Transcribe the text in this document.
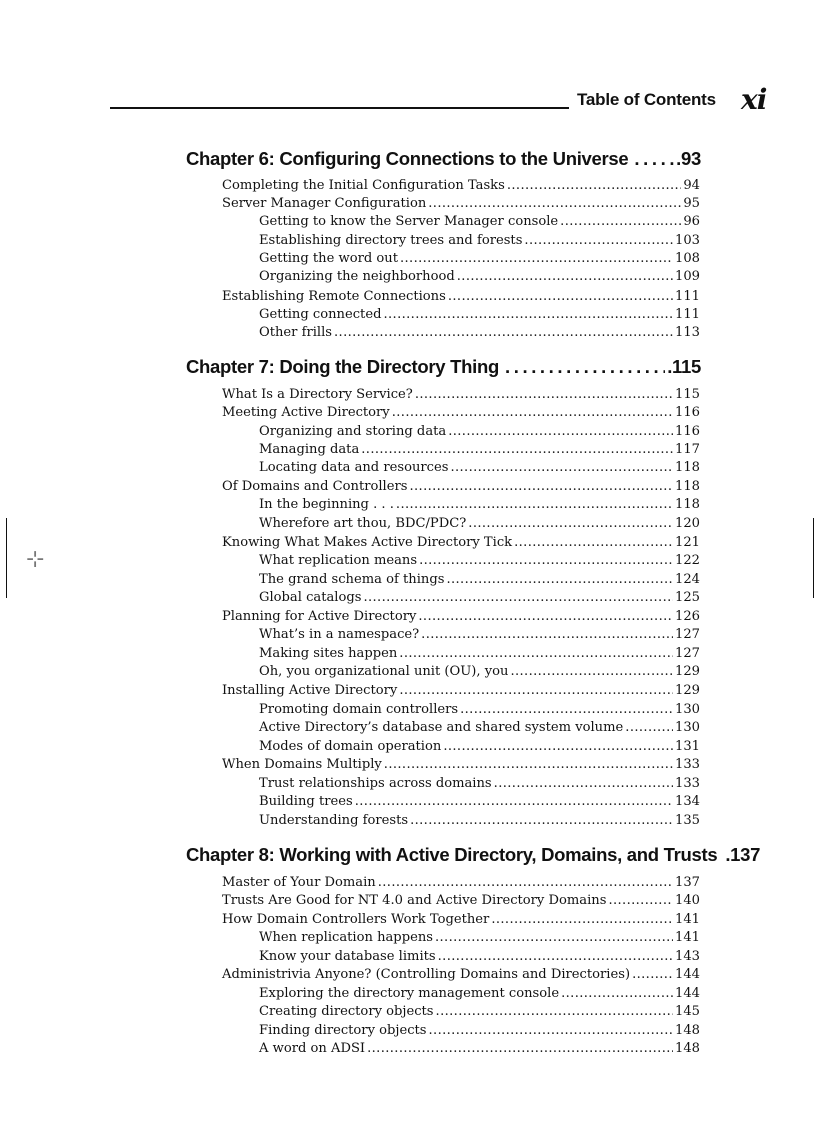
Table of Contents xi
⊹
Chapter 6: Configuring Connections to the Universe .....	.93
Completing the Initial Configuration Tasks .....	94
Server Manager Configuration .....	95
Getting to know the Server Manager console .....	96
Establishing directory trees and forests .....	103
Getting the word out .....	108
Organizing the neighborhood .....	109
Establishing Remote Connections .....	111
Getting connected .....	111
Other frills .....	113
Chapter 7: Doing the Directory Thing .....	.115
What Is a Directory Service? .....	115
Meeting Active Directory .....	116
Organizing and storing data .....	116
Managing data .....	117
Locating data and resources .....	118
Of Domains and Controllers .....	118
In the beginning . . . .....	118
Wherefore art thou, BDC/PDC? .....	120
Knowing What Makes Active Directory Tick .....	121
What replication means .....	122
The grand schema of things .....	124
Global catalogs .....	125
Planning for Active Directory .....	126
What’s in a namespace? .....	127
Making sites happen .....	127
Oh, you organizational unit (OU), you .....	129
Installing Active Directory .....	129
Promoting domain controllers .....	130
Active Directory’s database and shared system volume .....	130
Modes of domain operation .....	131
When Domains Multiply .....	133
Trust relationships across domains .....	133
Building trees .....	134
Understanding forests .....	135
Chapter 8: Working with Active Directory, Domains, and Trusts .137
Master of Your Domain .....	137
Trusts Are Good for NT 4.0 and Active Directory Domains .....	140
How Domain Controllers Work Together .....	141
When replication happens .....	141
Know your database limits .....	143
Administrivia Anyone? (Controlling Domains and Directories) .....	144
Exploring the directory management console .....	144
Creating directory objects .....	145
Finding directory objects .....	148
A word on ADSI .....	148
